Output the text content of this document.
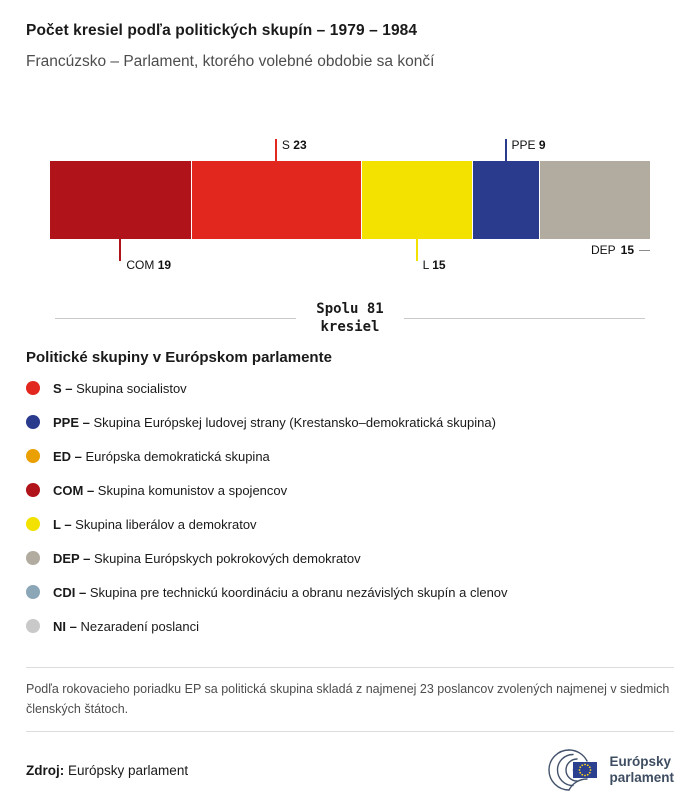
Počet kresiel podľa politických skupín – 1979 – 1984
Francúzsko – Parlament, ktorého volebné obdobie sa končí
COM 19
S 23
L 15
PPE 9
DEP 15
Spolu 81
kresiel
Politické skupiny v Európskom parlamente
S – Skupina socialistov
PPE – Skupina Európskej ludovej strany (Krestansko–demokratická skupina)
ED – Európska demokratická skupina
COM – Skupina komunistov a spojencov
L – Skupina liberálov a demokratov
DEP – Skupina Európskych pokrokových demokratov
CDI – Skupina pre technickú koordináciu a obranu nezávislých skupín a clenov
NI – Nezaradení poslanci

Podľa rokovacieho poriadku EP sa politická skupina skladá z najmenej 23 poslancov zvolených najmenej v siedmich členských štátoch.

Zdroj: Európsky parlament

Európsky
parlament
